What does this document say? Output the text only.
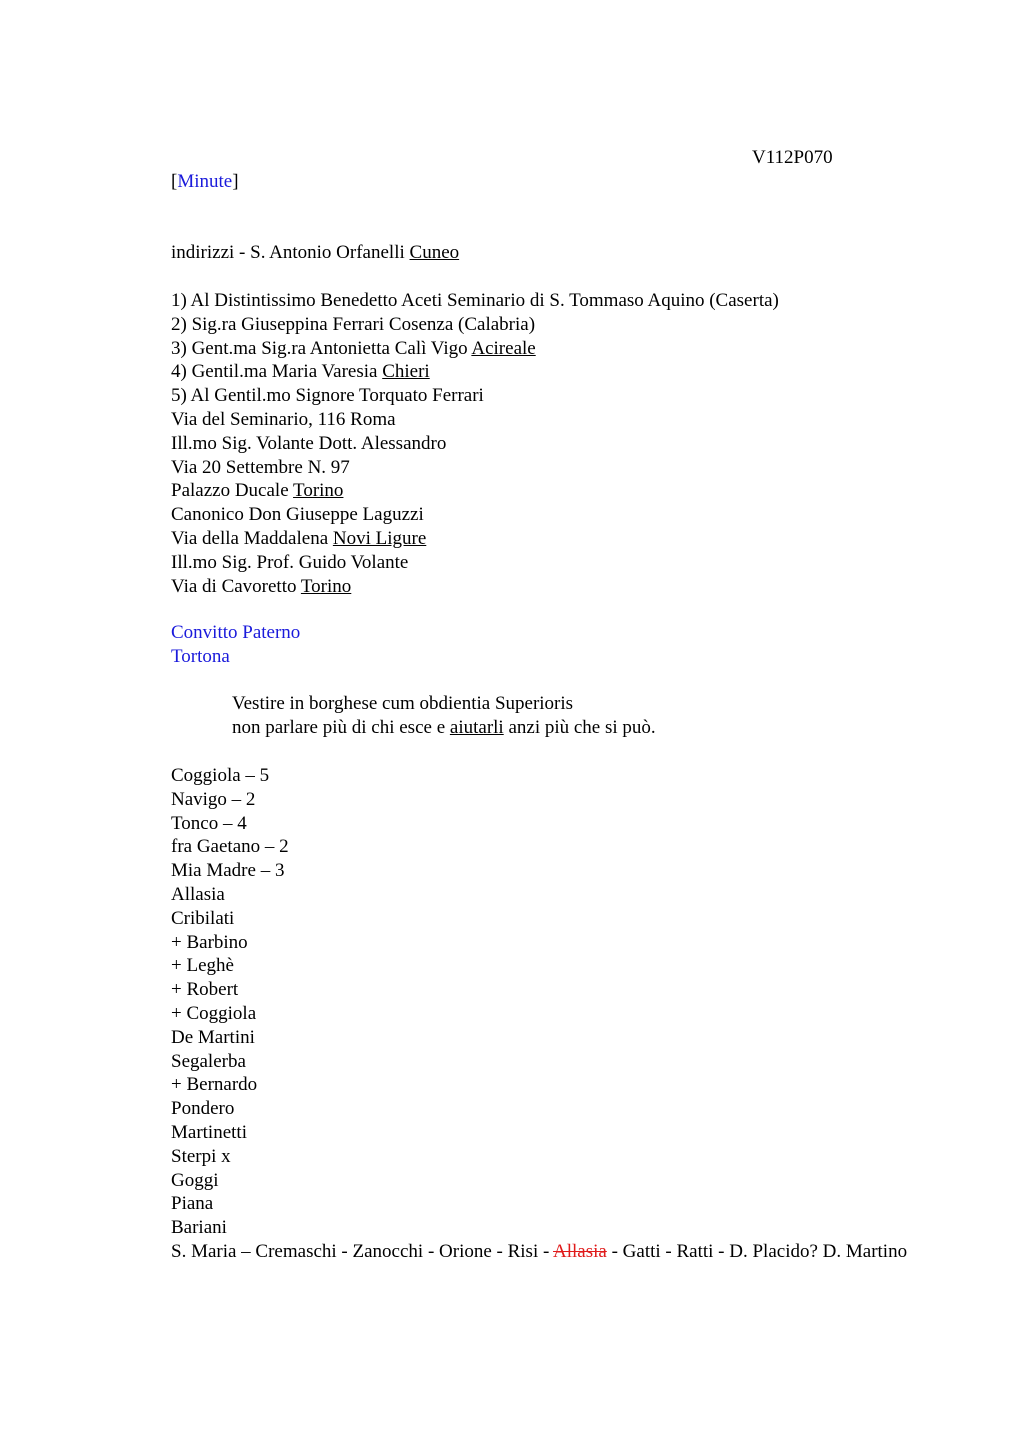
V112P070
[Minute]
indirizzi - S. Antonio Orfanelli Cuneo
1) Al Distintissimo Benedetto Aceti Seminario di S. Tommaso Aquino (Caserta)
2) Sig.ra Giuseppina Ferrari Cosenza (Calabria)
3) Gent.ma Sig.ra Antonietta Calì Vigo Acireale
4) Gentil.ma Maria Varesia Chieri
5) Al Gentil.mo Signore Torquato Ferrari
Via del Seminario, 116 Roma
Ill.mo Sig. Volante Dott. Alessandro
Via 20 Settembre N. 97
Palazzo Ducale Torino
Canonico Don Giuseppe Laguzzi
Via della Maddalena Novi Ligure
Ill.mo Sig. Prof. Guido Volante
Via di Cavoretto Torino
Convitto Paterno
Tortona
Vestire in borghese cum obdientia Superioris
non parlare più di chi esce e aiutarli anzi più che si può.
Coggiola – 5
Navigo – 2
Tonco – 4
fra Gaetano – 2
Mia Madre – 3
Allasia
Cribilati
+ Barbino
+ Leghè
+ Robert
+ Coggiola
De Martini
Segalerba
+ Bernardo
Pondero
Martinetti
Sterpi x
Goggi
Piana
Bariani
S. Maria – Cremaschi - Zanocchi - Orione - Risi - Allasia - Gatti - Ratti - D. Placido? D. Martino
